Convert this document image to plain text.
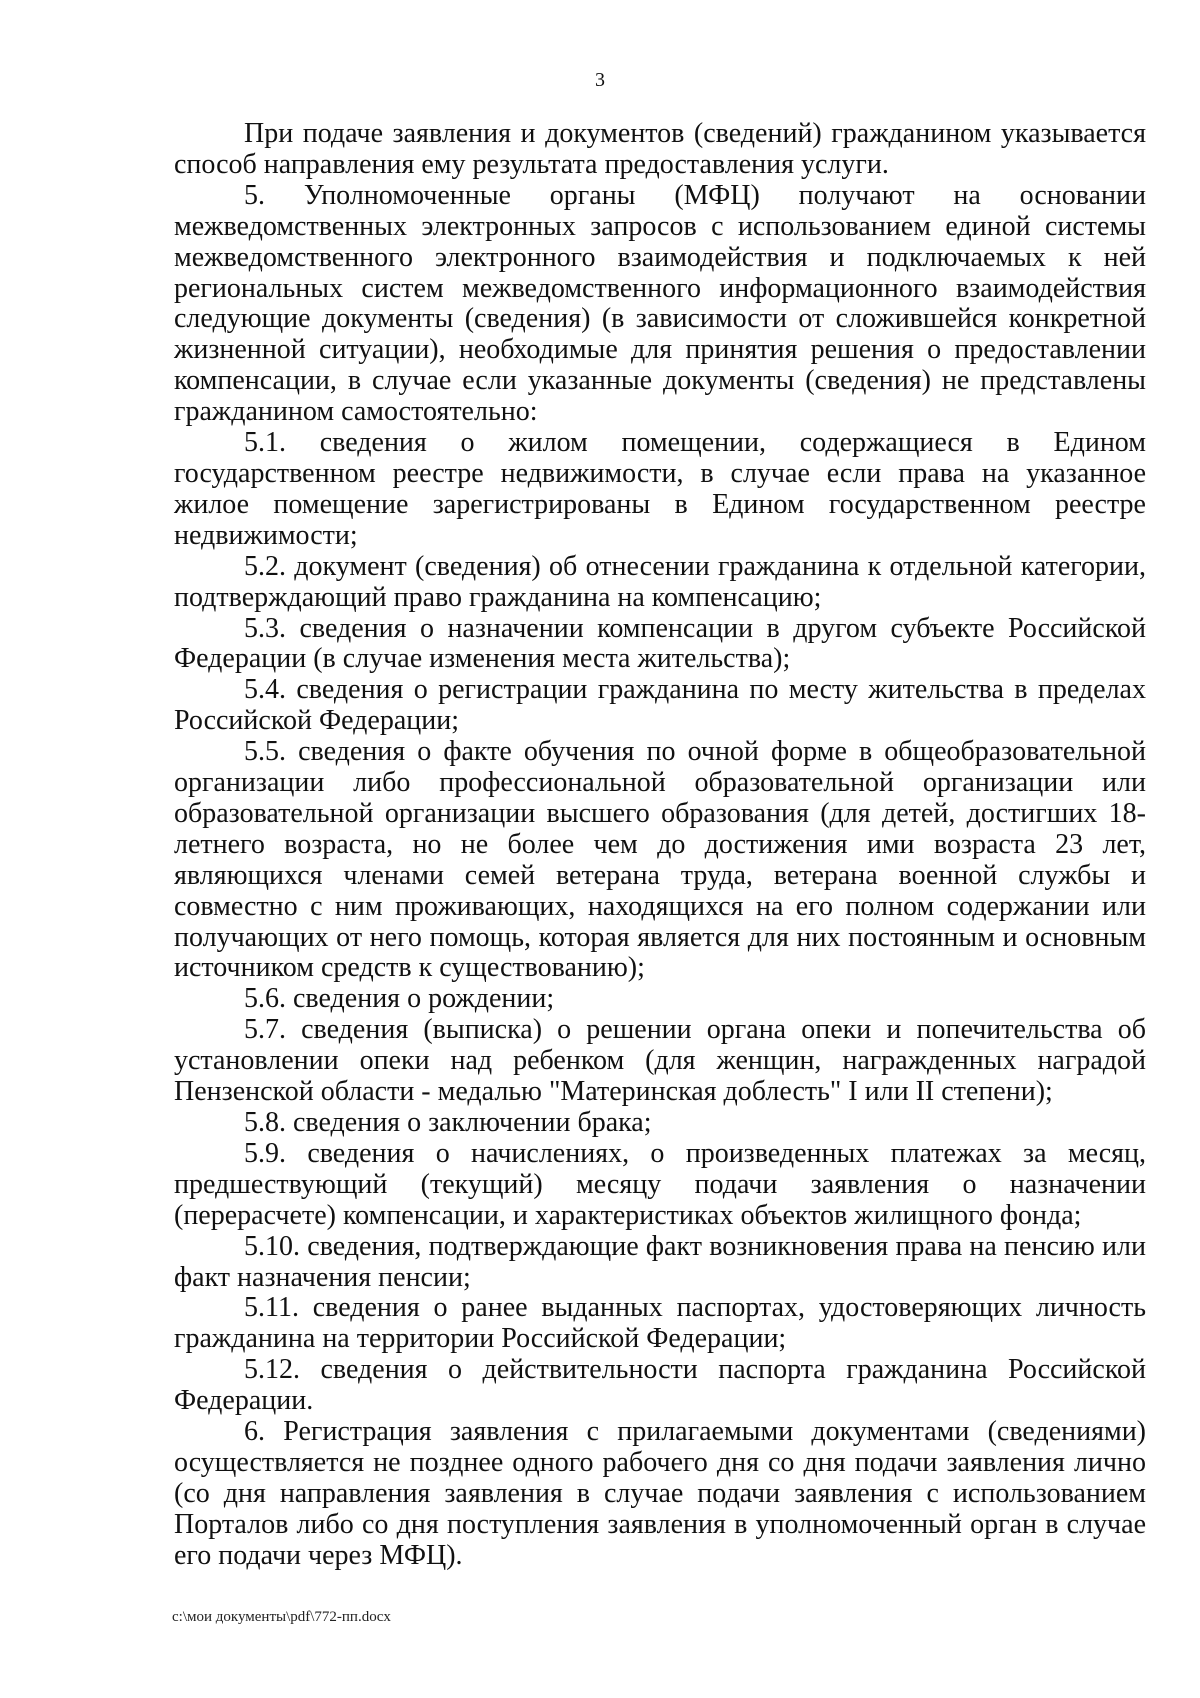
3

При подаче заявления и документов (сведений) гражданином указывается способ направления ему результата предоставления услуги.

5. Уполномоченные органы (МФЦ) получают на основании межведомственных электронных запросов с использованием единой системы межведомственного электронного взаимодействия и подключаемых к ней региональных систем межведомственного информационного взаимодействия следующие документы (сведения) (в зависимости от сложившейся конкретной жизненной ситуации), необходимые для принятия решения о предоставлении компенсации, в случае если указанные документы (сведения) не представлены гражданином самостоятельно:

5.1. сведения о жилом помещении, содержащиеся в Едином государственном реестре недвижимости, в случае если права на указанное жилое помещение зарегистрированы в Едином государственном реестре недвижимости;

5.2. документ (сведения) об отнесении гражданина к отдельной категории, подтверждающий право гражданина на компенсацию;

5.3. сведения о назначении компенсации в другом субъекте Российской Федерации (в случае изменения места жительства);

5.4. сведения о регистрации гражданина по месту жительства в пределах Российской Федерации;

5.5. сведения о факте обучения по очной форме в общеобразовательной организации либо профессиональной образовательной организации или образовательной организации высшего образования (для детей, достигших 18-летнего возраста, но не более чем до достижения ими возраста 23 лет, являющихся членами семей ветерана труда, ветерана военной службы и совместно с ним проживающих, находящихся на его полном содержании или получающих от него помощь, которая является для них постоянным и основным источником средств к существованию);

5.6. сведения о рождении;

5.7. сведения (выписка) о решении органа опеки и попечительства об установлении опеки над ребенком (для женщин, награжденных наградой Пензенской области - медалью "Материнская доблесть" I или II степени);

5.8. сведения о заключении брака;

5.9. сведения о начислениях, о произведенных платежах за месяц, предшествующий (текущий) месяцу подачи заявления о назначении (перерасчете) компенсации, и характеристиках объектов жилищного фонда;

5.10. сведения, подтверждающие факт возникновения права на пенсию или факт назначения пенсии;

5.11. сведения о ранее выданных паспортах, удостоверяющих личность гражданина на территории Российской Федерации;

5.12. сведения о действительности паспорта гражданина Российской Федерации.

6. Регистрация заявления с прилагаемыми документами (сведениями) осуществляется не позднее одного рабочего дня со дня подачи заявления лично (со дня направления заявления в случае подачи заявления с использованием Порталов либо со дня поступления заявления в уполномоченный орган в случае его подачи через МФЦ).

c:\мои документы\pdf\772-пп.docx
